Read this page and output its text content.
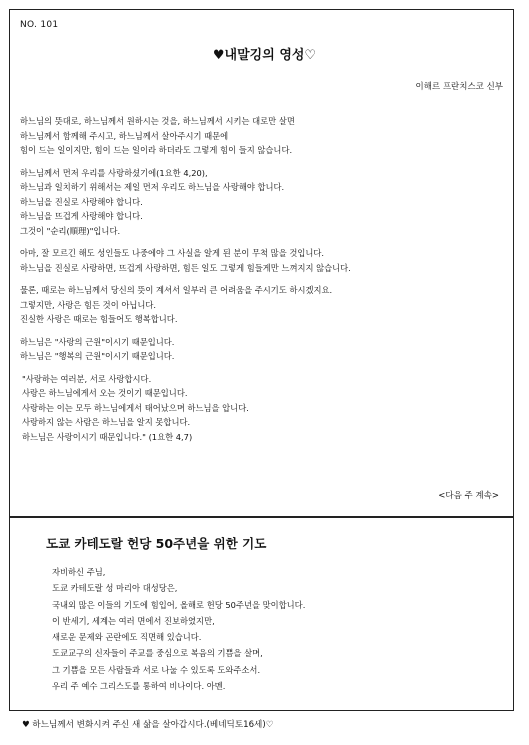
NO. 101
♥내말깅의 영성♡
이해르 프란치스코 신부

하느님의 뜻대로, 하느님께서 원하시는 것을, 하느님께서 시키는 대로만 살면

하느님께서 함께해 주시고, 하느님께서 살아주시기 때문에

힘이 드는 일이지만, 힘이 드는 일이라 하더라도 그렇게 힘이 들지 않습니다.

하느님께서 먼저 우리를 사랑하셨기에(1요한 4,20),

하느님과 일치하기 위해서는 제일 먼저 우리도 하느님을 사랑해야 합니다.

하느님을 진실로 사랑해야 합니다.

하느님을 뜨겁게 사랑해야 합니다.

그것이 "순리(順理)"입니다.

아마, 잘 모르긴 해도 성인들도 나중에야 그 사실을 알게 된 분이 무척 많을 것입니다.

하느님을 진실로 사랑하면, 뜨겁게 사랑하면, 힘든 일도 그렇게 힘들게만 느껴지지 않습니다.

물론, 때로는 하느님께서 당신의 뜻이 계셔서 일부러 큰 어려움을 주시기도 하시겠지요.

그렇지만, 사랑은 힘든 것이 아닙니다.

진실한 사랑은 때로는 힘들어도 행복합니다.

하느님은 "사랑의 근원"이시기 때문입니다.

하느님은 "행복의 근원"이시기 때문입니다.

"사랑하는 여러분, 서로 사랑합시다.

사랑은 하느님에게서 오는 것이기 때문입니다.

사랑하는 이는 모두 하느님에게서 태어났으며 하느님을 압니다.

사랑하지 않는 사람은 하느님을 알지 못합니다.

하느님은 사랑이시기 때문입니다." (1요한 4,7)

<다음 주 계속>
도쿄 카테도랄 헌당 50주년을 위한 기도

자비하신 주님,

도쿄 카테도랄 성 마리아 대성당은,

국내외 많은 이들의 기도에 힘입어, 올해로 헌당 50주년을 맞이합니다.

이 반세기, 세계는 여러 면에서 진보하였지만,

새로운 문제와 곤란에도 직면해 있습니다.

도쿄교구의 신자들이 주교를 중심으로 복음의 기쁨을 살며,

그 기쁨을 모든 사람들과 서로 나눌 수 있도록 도와주소서.

우리 주 예수 그리스도를 통하여 비나이다. 아멘.

♥ 하느님께서 변화시켜 주신 새 삶을 살아갑시다.(베네딕토16세)♡
